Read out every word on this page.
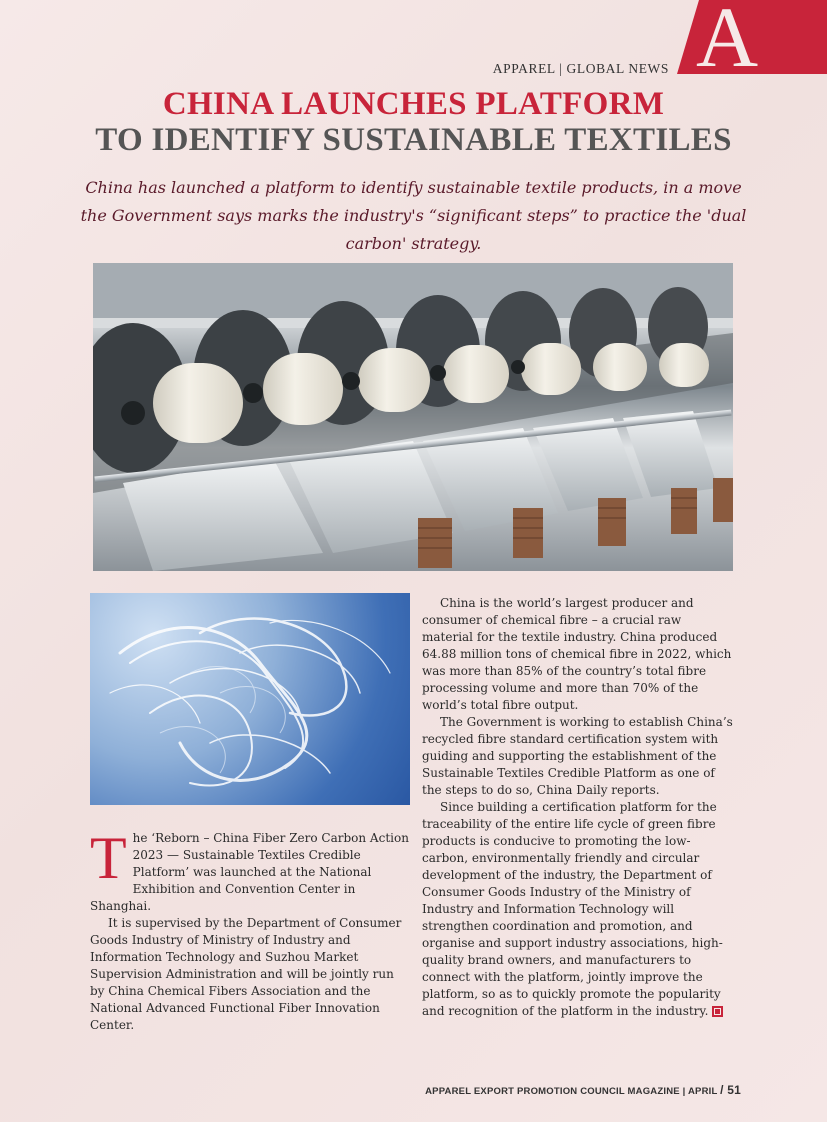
A
APPAREL | GLOBAL NEWS
CHINA LAUNCHES PLATFORM
TO IDENTIFY SUSTAINABLE TEXTILES

China has launched a platform to identify sustainable textile products, in a move the Government says marks the industry's “significant steps” to practice the 'dual carbon' strategy.

The ‘Reborn – China Fiber Zero Carbon Action 2023 — Sustainable Textiles Credible Platform’ was launched at the National Exhibition and Convention Center in Shanghai.

It is supervised by the Department of Consumer Goods Industry of Ministry of Industry and Information Technology and Suzhou Market Supervision Administration and will be jointly run by China Chemical Fibers Association and the National Advanced Functional Fiber Innovation Center.

China is the world’s largest producer and consumer of chemical fibre – a crucial raw material for the textile industry. China produced 64.88 million tons of chemical fibre in 2022, which was more than 85% of the country’s total fibre processing volume and more than 70% of the world’s total fibre output.

The Government is working to establish China’s recycled fibre standard certification system with guiding and supporting the establishment of the Sustainable Textiles Credible Platform as one of the steps to do so, China Daily reports.

Since building a certification platform for the traceability of the entire life cycle of green fibre products is conducive to promoting the low-carbon, environmentally friendly and circular development of the industry, the Department of Consumer Goods Industry of the Ministry of Industry and Information Technology will strengthen coordination and promotion, and organise and support industry associations, high-quality brand owners, and manufacturers to connect with the platform, jointly improve the platform, so as to quickly promote the popularity and recognition of the platform in the industry.

APPAREL EXPORT PROMOTION COUNCIL MAGAZINE | APRIL / 51
